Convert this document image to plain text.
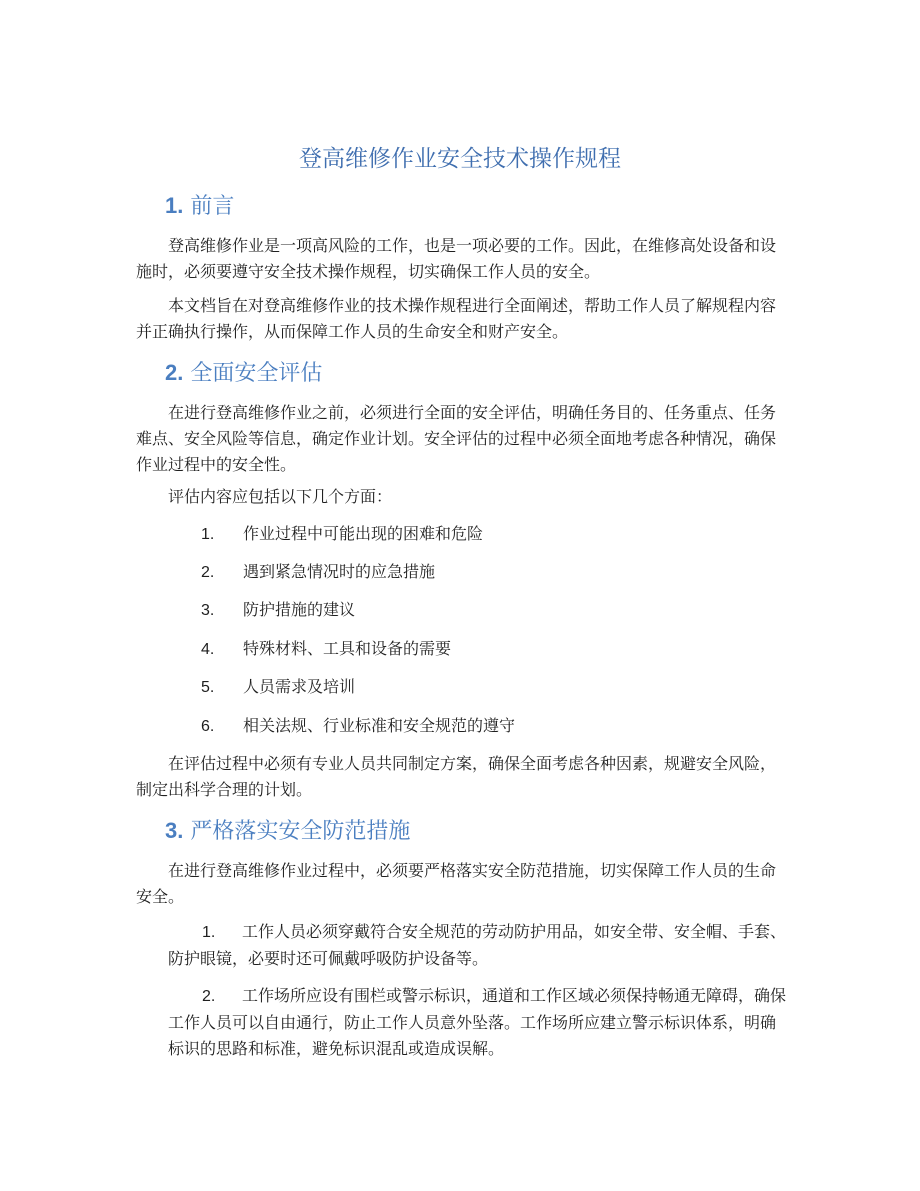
登高维修作业安全技术操作规程
1. 前言

登高维修作业是一项高风险的工作，也是一项必要的工作。因此，在维修高处设备和设施时，必须要遵守安全技术操作规程，切实确保工作人员的安全。

本文档旨在对登高维修作业的技术操作规程进行全面阐述，帮助工作人员了解规程内容并正确执行操作，从而保障工作人员的生命安全和财产安全。

2. 全面安全评估

在进行登高维修作业之前，必须进行全面的安全评估，明确任务目的、任务重点、任务难点、安全风险等信息，确定作业计划。安全评估的过程中必须全面地考虑各种情况，确保作业过程中的安全性。

评估内容应包括以下几个方面：

1. 作业过程中可能出现的困难和危险
2. 遇到紧急情况时的应急措施
3. 防护措施的建议
4. 特殊材料、工具和设备的需要
5. 人员需求及培训
6. 相关法规、行业标准和安全规范的遵守

在评估过程中必须有专业人员共同制定方案，确保全面考虑各种因素，规避安全风险，制定出科学合理的计划。

3. 严格落实安全防范措施

在进行登高维修作业过程中，必须要严格落实安全防范措施，切实保障工作人员的生命安全。

1. 工作人员必须穿戴符合安全规范的劳动防护用品，如安全带、安全帽、手套、防护眼镜，必要时还可佩戴呼吸防护设备等。

2. 工作场所应设有围栏或警示标识，通道和工作区域必须保持畅通无障碍，确保工作人员可以自由通行，防止工作人员意外坠落。工作场所应建立警示标识体系，明确标识的思路和标准，避免标识混乱或造成误解。
